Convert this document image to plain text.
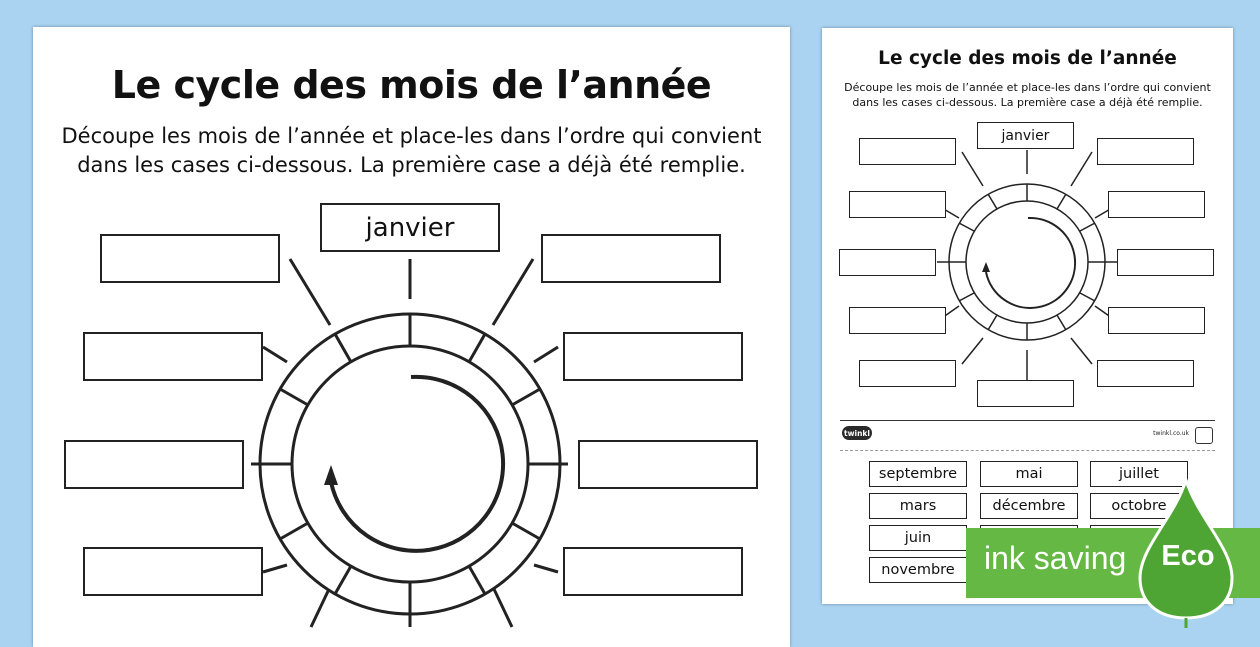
Le cycle des mois de l’année
Découpe les mois de l’année et place-les dans l’ordre qui convient
dans les cases ci-dessous. La première case a déjà été remplie.
janvier
Le cycle des mois de l’année
Découpe les mois de l’année et place-les dans l’ordre qui convient
dans les cases ci-dessous. La première case a déjà été remplie.
janvier
twinkl	twinkl.co.uk
septembre	mai	juillet
mars	décembre	octobre
juin
novembre ink saving	Eco
